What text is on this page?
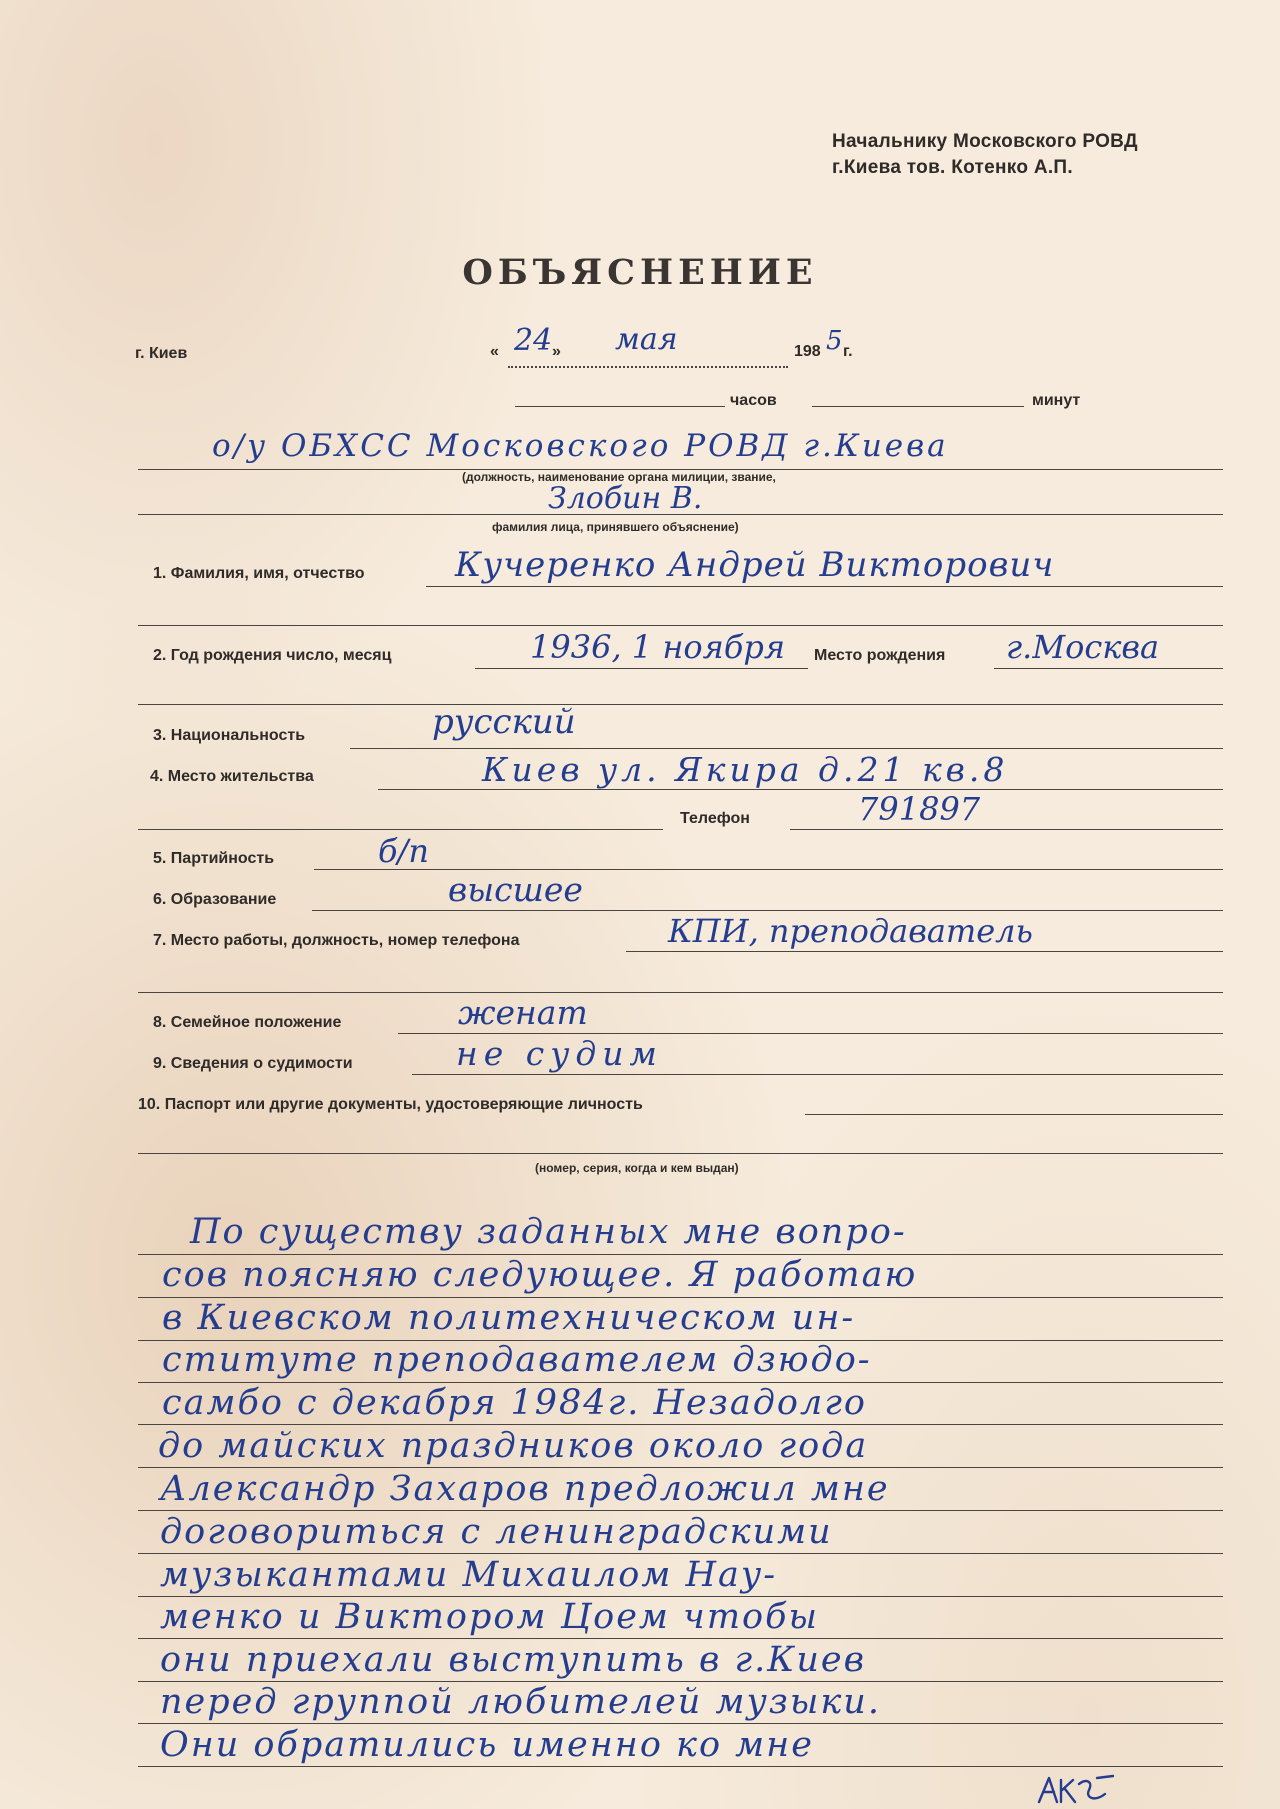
Начальнику Московского РОВД
г.Киева тов. Котенко А.П.
ОБЪЯСНЕНИЕ
г. Киев	« 24 » мая	198 5 г.
часов	минут
о/у ОБХСС Московского РОВД г.Киева
(должность, наименование органа милиции, звание,
Злобин В.
фамилия лица, принявшего объяснение)
1. Фамилия, имя, отчество	Кучеренко Андрей Викторович
2. Год рождения число, месяц	1936, 1 ноября Место рождения г.Москва
3. Национальность	русский
4. Место жительства	Киев ул. Якира д.21 кв.8
Телефон	791897
5. Партийность	б/п
6. Образование	высшее
7. Место работы, должность, номер телефона	КПИ, преподаватель
8. Семейное положение	женат
9. Сведения о судимости	не судим
10. Паспорт или другие документы, удостоверяющие личность
(номер, серия, когда и кем выдан)
По существу заданных мне вопро-
сов поясняю следующее. Я работаю
в Киевском политехническом ин-
ституте преподавателем дзюдо-
самбо с декабря 1984г. Незадолго
до майских праздников около года
Александр Захаров предложил мне
договориться с ленинградскими
музыкантами Михаилом Нау-
менко и Виктором Цоем чтобы
они приехали выступить в г.Киев
перед группой любителей музыки.
Они обратились именно ко мне
